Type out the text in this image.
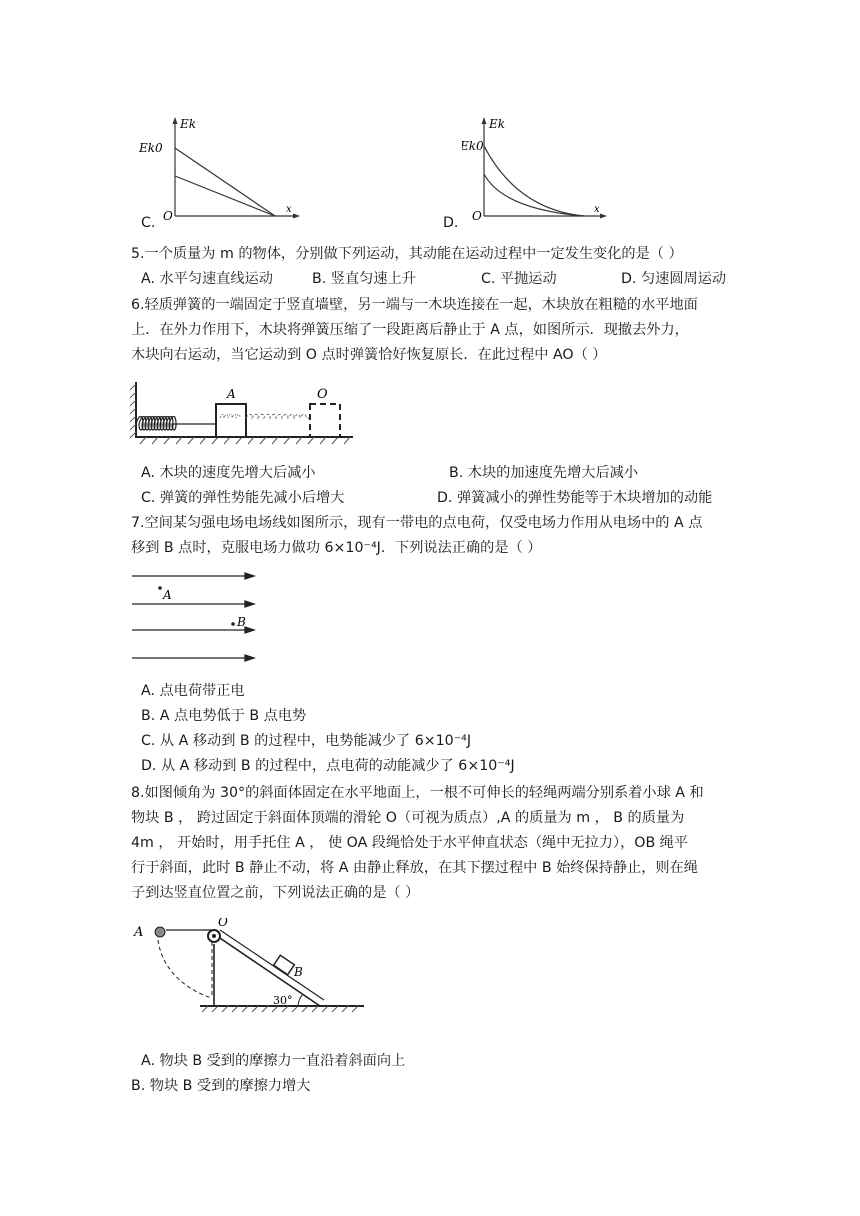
Ek
Ek0
O	x
C.
Ek
Ek0
O	x
D.
5.一个质量为 m 的物体，分别做下列运动，其动能在运动过程中一定发生变化的是（ ）
A. 水平匀速直线运动	B. 竖直匀速上升	C. 平抛运动	D. 匀速圆周运动
6.轻质弹簧的一端固定于竖直墙壁，另一端与一木块连接在一起，木块放在粗糙的水平地面
上．在外力作用下，木块将弹簧压缩了一段距离后静止于 A 点，如图所示．现撤去外力，
木块向右运动，当它运动到 O 点时弹簧恰好恢复原长．在此过程中 AO（ ）
A	O
A. 木块的速度先增大后减小	B. 木块的加速度先增大后减小
C. 弹簧的弹性势能先减小后增大	D. 弹簧减小的弹性势能等于木块增加的动能
7.空间某匀强电场电场线如图所示，现有一带电的点电荷，仅受电场力作用从电场中的 A 点
移到 B 点时，克服电场力做功 6×10⁻⁴J．下列说法正确的是（ ）
A
B
A. 点电荷带正电
B. A 点电势低于 B 点电势
C. 从 A 移动到 B 的过程中，电势能减少了 6×10⁻⁴J
D. 从 A 移动到 B 的过程中，点电荷的动能减少了 6×10⁻⁴J
8.如图倾角为 30°的斜面体固定在水平地面上，一根不可伸长的轻绳两端分别系着小球 A 和
物块 B ， 跨过固定于斜面体顶端的滑轮 O（可视为质点）,A 的质量为 m ， B 的质量为
4m ， 开始时，用手托住 A ， 使 OA 段绳恰处于水平伸直状态（绳中无拉力），OB 绳平
行于斜面，此时 B 静止不动，将 A 由静止释放，在其下摆过程中 B 始终保持静止，则在绳
子到达竖直位置之前，下列说法正确的是（ ）
A
O
B
30°
A. 物块 B 受到的摩擦力一直沿着斜面向上
B. 物块 B 受到的摩擦力增大
